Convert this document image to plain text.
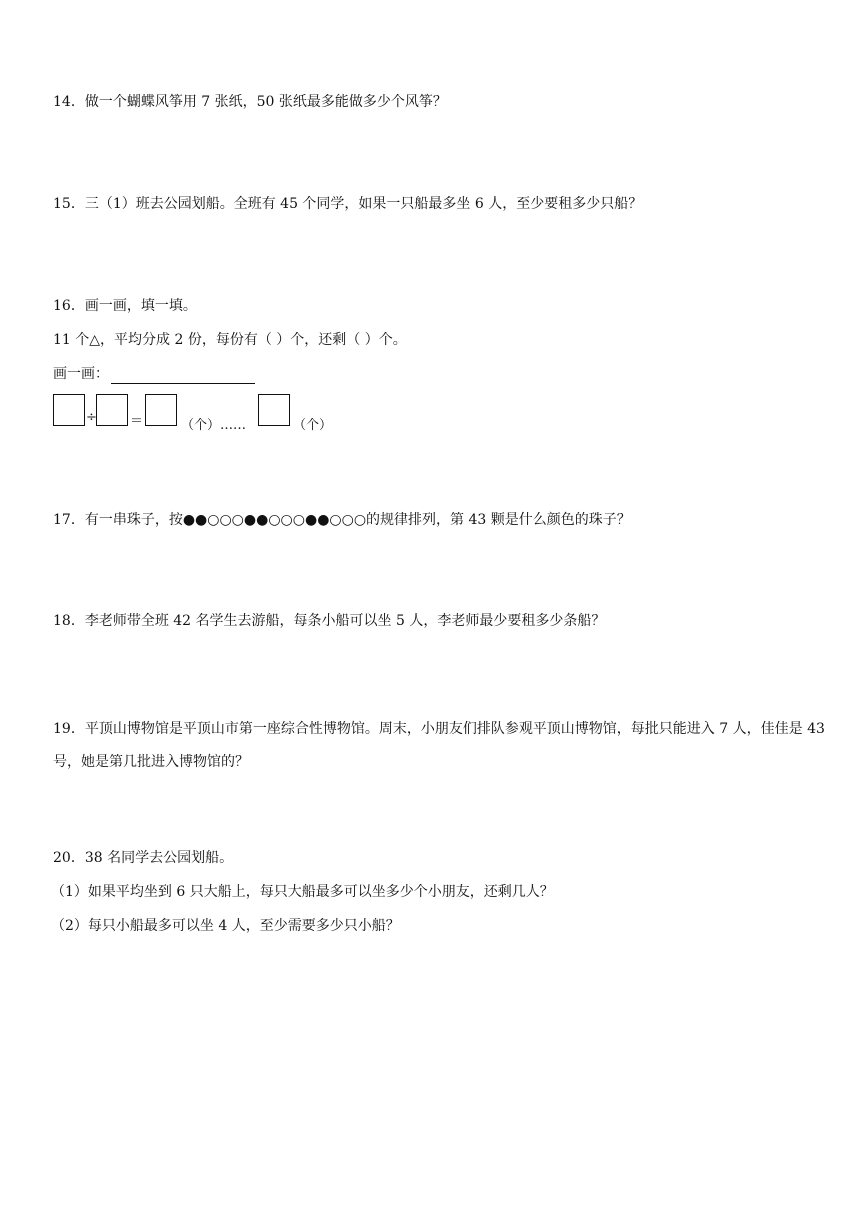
14．做一个蝴蝶风筝用 7 张纸，50 张纸最多能做多少个风筝？
15．三（1）班去公园划船。全班有 45 个同学，如果一只船最多坐 6 人，至少要租多少只船？
16．画一画，填一填。
11 个△，平均分成 2 份，每份有（ ）个，还剩（ ）个。
画一画：
÷	＝	（个）……	（个）
17．有一串珠子，按●●○○○●●○○○●●○○○的规律排列，第 43 颗是什么颜色的珠子？
18．李老师带全班 42 名学生去游船，每条小船可以坐 5 人，李老师最少要租多少条船？
19．平顶山博物馆是平顶山市第一座综合性博物馆。周末，小朋友们排队参观平顶山博物馆，每批只能进入 7 人，佳佳是 43 号，她是第几批进入博物馆的？
20．38 名同学去公园划船。
（1）如果平均坐到 6 只大船上，每只大船最多可以坐多少个小朋友，还剩几人？
（2）每只小船最多可以坐 4 人，至少需要多少只小船？
